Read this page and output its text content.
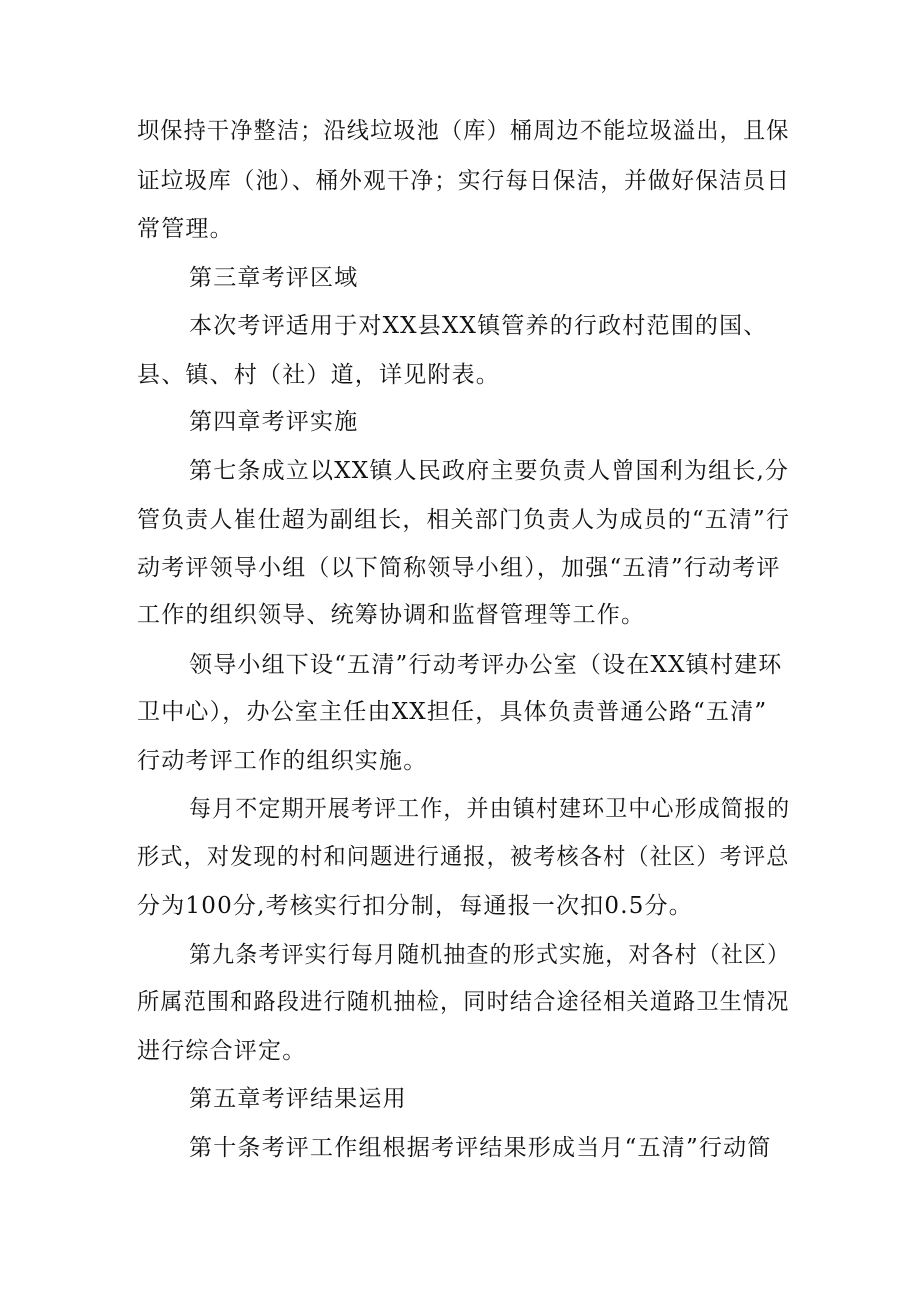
坝保持干净整洁；沿线垃圾池（库）桶周边不能垃圾溢出，且保
证垃圾库（池）、桶外观干净；实行每日保洁，并做好保洁员日
常管理。
第三章考评区域
本次考评适用于对XX县XX镇管养的行政村范围的国、
县、镇、村（社）道，详见附表。
第四章考评实施
第七条成立以XX镇人民政府主要负责人曾国利为组长,分
管负责人崔仕超为副组长，相关部门负责人为成员的“五清”行
动考评领导小组（以下简称领导小组），加强“五清”行动考评
工作的组织领导、统筹协调和监督管理等工作。
领导小组下设“五清”行动考评办公室（设在XX镇村建环
卫中心），办公室主任由XX担任，具体负责普通公路“五清”
行动考评工作的组织实施。
每月不定期开展考评工作，并由镇村建环卫中心形成简报的
形式，对发现的村和问题进行通报，被考核各村（社区）考评总
分为100分,考核实行扣分制，每通报一次扣0.5分。
第九条考评实行每月随机抽查的形式实施，对各村（社区）
所属范围和路段进行随机抽检，同时结合途径相关道路卫生情况
进行综合评定。
第五章考评结果运用
第十条考评工作组根据考评结果形成当月“五清”行动简
